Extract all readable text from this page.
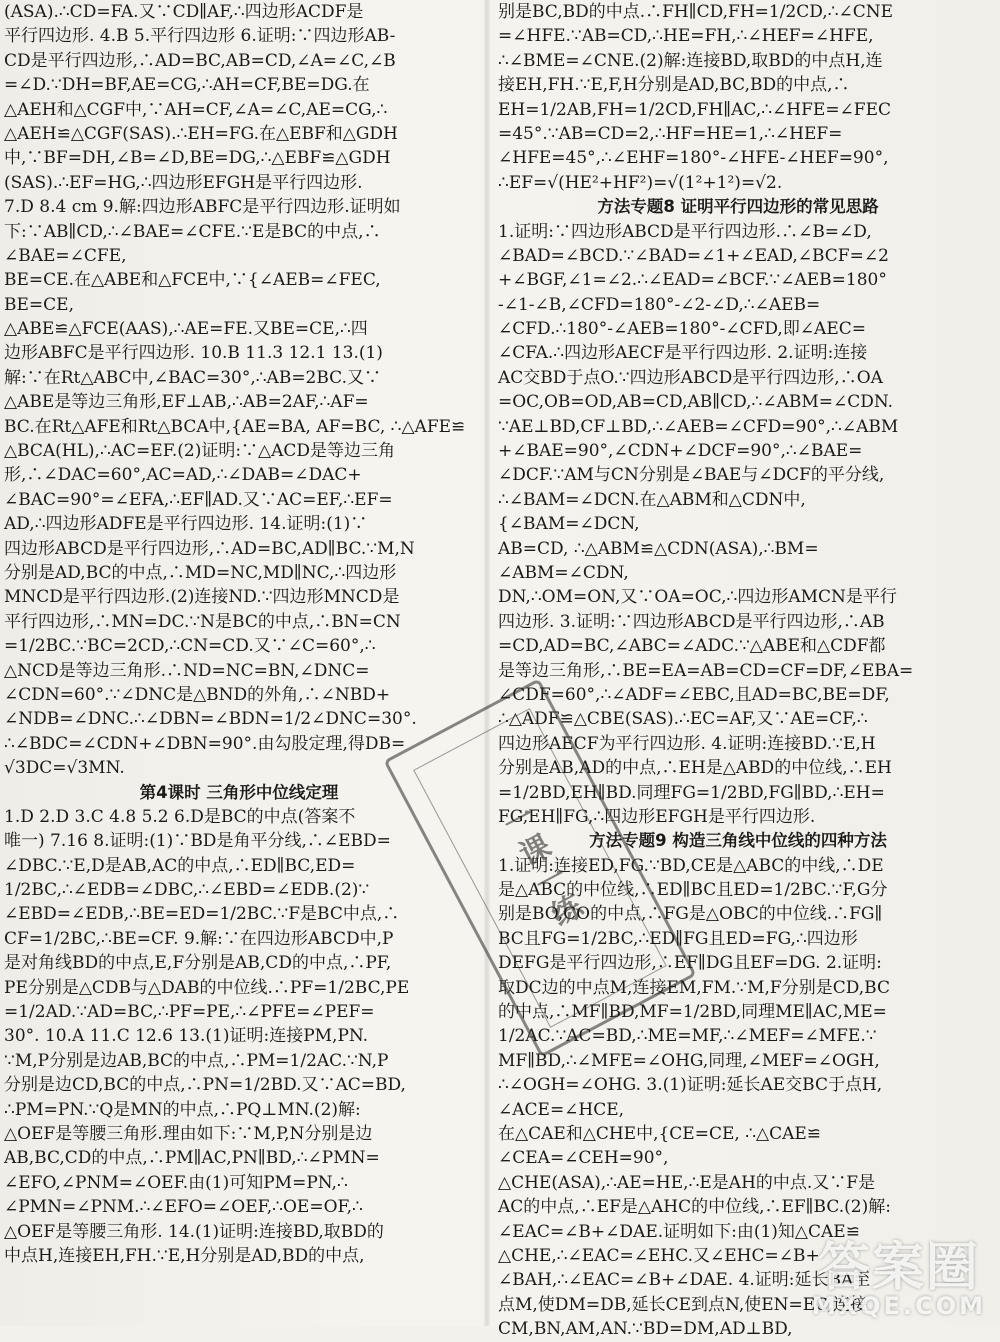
(ASA).∴CD=FA.又∵CD∥AF,∴四边形ACDF是
平行四边形. 4.B 5.平行四边形 6.证明:∵四边形AB-
CD是平行四边形,∴AD=BC,AB=CD,∠A=∠C,∠B
=∠D.∵DH=BF,AE=CG,∴AH=CF,BE=DG.在
△AEH和△CGF中,∵AH=CF,∠A=∠C,AE=CG,∴
△AEH≌△CGF(SAS).∴EH=FG.在△EBF和△GDH
中,∵BF=DH,∠B=∠D,BE=DG,∴△EBF≌△GDH
(SAS).∴EF=HG,∴四边形EFGH是平行四边形.
7.D 8.4 cm 9.解:四边形ABFC是平行四边形.证明如
下:∵AB∥CD,∴∠BAE=∠CFE.∵E是BC的中点,∴
∠BAE=∠CFE,
BE=CE.在△ABE和△FCE中,∵{∠AEB=∠FEC,
BE=CE,
△ABE≌△FCE(AAS),∴AE=FE.又BE=CE,∴四
边形ABFC是平行四边形. 10.B 11.3 12.1 13.(1)
解:∵在Rt△ABC中,∠BAC=30°,∴AB=2BC.又∵
△ABE是等边三角形,EF⊥AB,∴AB=2AF,∴AF=
BC.在Rt△AFE和Rt△BCA中,{AE=BA, AF=BC, ∴△AFE≌
△BCA(HL),∴AC=EF.(2)证明:∵△ACD是等边三角
形,∴∠DAC=60°,AC=AD,∴∠DAB=∠DAC+
∠BAC=90°=∠EFA,∴EF∥AD.又∵AC=EF,∴EF=
AD,∴四边形ADFE是平行四边形. 14.证明:(1)∵
四边形ABCD是平行四边形,∴AD=BC,AD∥BC.∵M,N
分别是AD,BC的中点,∴MD=NC,MD∥NC,∴四边形
MNCD是平行四边形.(2)连接ND.∵四边形MNCD是
平行四边形,∴MN=DC.∵N是BC的中点,∴BN=CN
=1/2BC.∵BC=2CD,∴CN=CD.又∵∠C=60°,∴
△NCD是等边三角形.∴ND=NC=BN,∠DNC=
∠CDN=60°.∵∠DNC是△BND的外角,∴∠NBD+
∠NDB=∠DNC.∴∠DBN=∠BDN=1/2∠DNC=30°.
∴∠BDC=∠CDN+∠DBN=90°.由勾股定理,得DB=
√3DC=√3MN.
第4课时 三角形中位线定理
1.D 2.D 3.C 4.8 5.2 6.D是BC的中点(答案不
唯一) 7.16 8.证明:(1)∵BD是角平分线,∴∠EBD=
∠DBC.∵E,D是AB,AC的中点,∴ED∥BC,ED=
1/2BC,∴∠EDB=∠DBC,∴∠EBD=∠EDB.(2)∵
∠EBD=∠EDB,∴BE=ED=1/2BC.∵F是BC中点,∴
CF=1/2BC,∴BE=CF. 9.解:∵在四边形ABCD中,P
是对角线BD的中点,E,F分别是AB,CD的中点,∴PF,
PE分别是△CDB与△DAB的中位线.∴PF=1/2BC,PE
=1/2AD.∵AD=BC,∴PF=PE,∴∠PFE=∠PEF=
30°. 10.A 11.C 12.6 13.(1)证明:连接PM,PN.
∵M,P分别是边AB,BC的中点,∴PM=1/2AC.∵N,P
分别是边CD,BC的中点,∴PN=1/2BD.又∵AC=BD,
∴PM=PN.∵Q是MN的中点,∴PQ⊥MN.(2)解:
△OEF是等腰三角形.理由如下:∵M,P,N分别是边
AB,BC,CD的中点,∴PM∥AC,PN∥BD,∴∠PMN=
∠EFO,∠PNM=∠OEF.由(1)可知PM=PN,∴
∠PMN=∠PNM.∴∠EFO=∠OEF,∴OE=OF,∴
△OEF是等腰三角形. 14.(1)证明:连接BD,取BD的
中点H,连接EH,FH.∵E,H分别是AD,BD的中点,
别是BC,BD的中点.∴FH∥CD,FH=1/2CD,∴∠CNE
=∠HFE.∵AB=CD,∴HE=FH,∴∠HEF=∠HFE,
∴∠BME=∠CNE.(2)解:连接BD,取BD的中点H,连
接EH,FH.∵E,F,H分别是AD,BC,BD的中点,∴
EH=1/2AB,FH=1/2CD,FH∥AC,∴∠HFE=∠FEC
=45°.∵AB=CD=2,∴HF=HE=1,∴∠HEF=
∠HFE=45°,∴∠EHF=180°-∠HFE-∠HEF=90°,
∴EF=√(HE²+HF²)=√(1²+1²)=√2.
方法专题8 证明平行四边形的常见思路
1.证明:∵四边形ABCD是平行四边形.∴∠B=∠D,
∠BAD=∠BCD.∵∠BAD=∠1+∠EAD,∠BCF=∠2
+∠BGF,∠1=∠2.∴∠EAD=∠BCF.∵∠AEB=180°
-∠1-∠B,∠CFD=180°-∠2-∠D,∴∠AEB=
∠CFD.∴180°-∠AEB=180°-∠CFD,即∠AEC=
∠CFA.∴四边形AECF是平行四边形. 2.证明:连接
AC交BD于点O.∵四边形ABCD是平行四边形,∴OA
=OC,OB=OD,AB=CD,AB∥CD,∴∠ABM=∠CDN.
∵AE⊥BD,CF⊥BD,∴∠AEB=∠CFD=90°,∴∠ABM
+∠BAE=90°,∠CDN+∠DCF=90°,∴∠BAE=
∠DCF.∵AM与CN分别是∠BAE与∠DCF的平分线,
∴∠BAM=∠DCN.在△ABM和△CDN中,
{∠BAM=∠DCN,
AB=CD, ∴△ABM≌△CDN(ASA),∴BM=
∠ABM=∠CDN,
DN,∴OM=ON,又∵OA=OC,∴四边形AMCN是平行
四边形. 3.证明:∵四边形ABCD是平行四边形,∴AB
=CD,AD=BC,∠ABC=∠ADC.∵△ABE和△CDF都
是等边三角形,∴BE=EA=AB=CD=CF=DF,∠EBA=
∠CDF=60°,∴∠ADF=∠EBC,且AD=BC,BE=DF,
∴△ADF≌△CBE(SAS).∴EC=AF,又∵AE=CF,∴
四边形AECF为平行四边形. 4.证明:连接BD.∵E,H
分别是AB,AD的中点,∴EH是△ABD的中位线,∴EH
=1/2BD,EH∥BD.同理FG=1/2BD,FG∥BD,∴EH=
FG,EH∥FG,∴四边形EFGH是平行四边形.
方法专题9 构造三角线中位线的四种方法
1.证明:连接ED,FG.∵BD,CE是△ABC的中线,∴DE
是△ABC的中位线,∴ED∥BC且ED=1/2BC.∵F,G分
别是BO,CO的中点,∴FG是△OBC的中位线.∴FG∥
BC且FG=1/2BC,∴ED∥FG且ED=FG,∴四边形
DEFG是平行四边形,∴EF∥DG且EF=DG. 2.证明:
取DC边的中点M,连接EM,FM.∵M,F分别是CD,BC
的中点,∴MF∥BD,MF=1/2BD,同理ME∥AC,ME=
1/2AC.∵AC=BD,∴ME=MF,∴∠MEF=∠MFE.∵
MF∥BD,∴∠MFE=∠OHG,同理,∠MEF=∠OGH,
∴∠OGH=∠OHG. 3.(1)证明:延长AE交BC于点H,
∠ACE=∠HCE,
在△CAE和△CHE中,{CE=CE, ∴△CAE≌
∠CEA=∠CEH=90°,
△CHE(ASA),∴AE=HE,∴E是AH的中点.又∵F是
AC的中点,∴EF是△AHC的中位线,∴EF∥BC.(2)解:
∠EAC=∠B+∠DAE.证明如下:由(1)知△CAE≌
△CHE,∴∠EAC=∠EHC.又∠EHC=∠B+
∠BAH,∴∠EAC=∠B+∠DAE. 4.证明:延长BA至
点M,使DM=DB,延长CE到点N,使EN=EC,连接
CM,BN,AM,AN.∵BD=DM,AD⊥BD,
一课一练
答案圈
MXQE.COM
